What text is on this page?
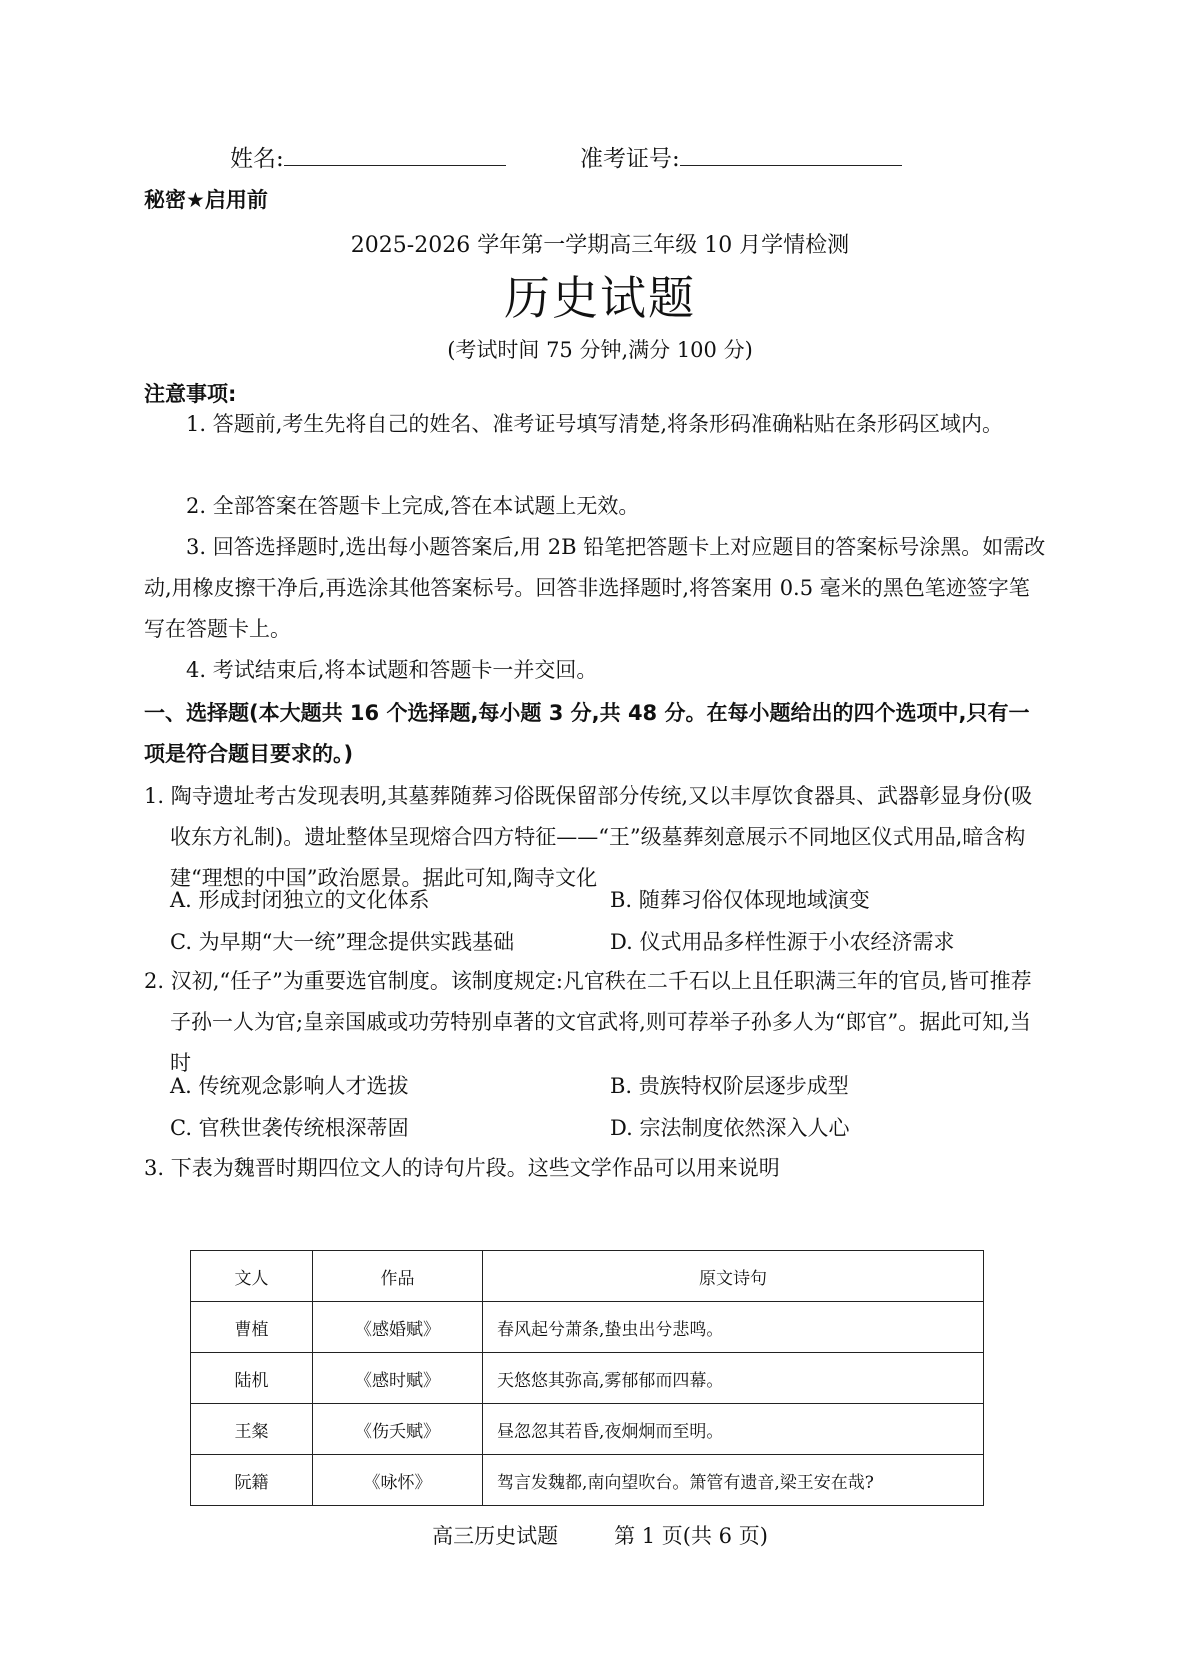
姓名:	准考证号:
秘密★启用前
2025-2026 学年第一学期高三年级 10 月学情检测
历史试题
(考试时间 75 分钟,满分 100 分)
注意事项:
1. 答题前,考生先将自己的姓名、准考证号填写清楚,将条形码准确粘贴在条形码区域内。
2. 全部答案在答题卡上完成,答在本试题上无效。
3. 回答选择题时,选出每小题答案后,用 2B 铅笔把答题卡上对应题目的答案标号涂黑。如需改动,用橡皮擦干净后,再选涂其他答案标号。回答非选择题时,将答案用 0.5 毫米的黑色笔迹签字笔写在答题卡上。
4. 考试结束后,将本试题和答题卡一并交回。
一、选择题(本大题共 16 个选择题,每小题 3 分,共 48 分。在每小题给出的四个选项中,只有一项是符合题目要求的。)
1. 陶寺遗址考古发现表明,其墓葬随葬习俗既保留部分传统,又以丰厚饮食器具、武器彰显身份(吸收东方礼制)。遗址整体呈现熔合四方特征——“王”级墓葬刻意展示不同地区仪式用品,暗含构建“理想的中国”政治愿景。据此可知,陶寺文化
A. 形成封闭独立的文化体系	B. 随葬习俗仅体现地域演变
C. 为早期“大一统”理念提供实践基础	D. 仪式用品多样性源于小农经济需求
2. 汉初,“任子”为重要选官制度。该制度规定:凡官秩在二千石以上且任职满三年的官员,皆可推荐子孙一人为官;皇亲国戚或功劳特别卓著的文官武将,则可荐举子孙多人为“郎官”。据此可知,当时
A. 传统观念影响人才选拔	B. 贵族特权阶层逐步成型
C. 官秩世袭传统根深蒂固	D. 宗法制度依然深入人心
3. 下表为魏晋时期四位文人的诗句片段。这些文学作品可以用来说明
文人	作品	原文诗句
曹植	《感婚赋》	春风起兮萧条,蛰虫出兮悲鸣。
陆机	《感时赋》	天悠悠其弥高,雾郁郁而四幕。
王粲	《伤夭赋》	昼忽忽其若昏,夜炯炯而至明。
阮籍	《咏怀》	驾言发魏都,南向望吹台。箫管有遗音,梁王安在哉?
高三历史试题	第 1 页(共 6 页)
